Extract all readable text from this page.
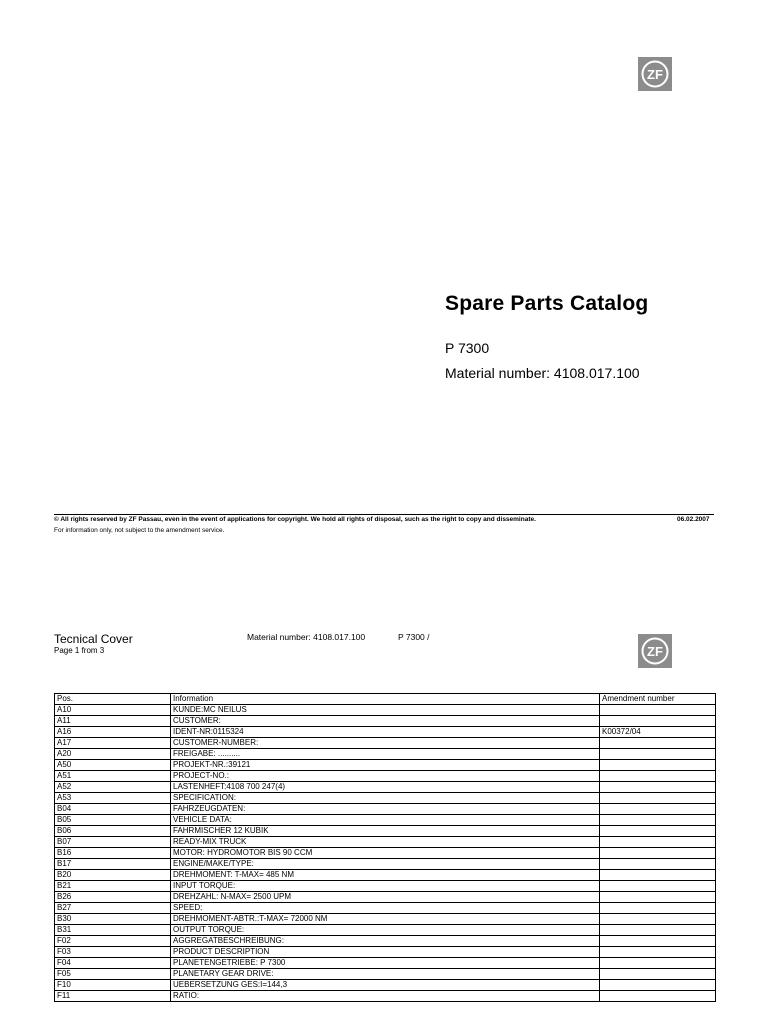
ZF
Spare Parts Catalog
P 7300
Material number: 4108.017.100
© All rights reserved by ZF Passau, even in the event of applications for copyright. We hold all rights of disposal, such as the right to copy and disseminate.
For information only, not subject to the amendment service.
06.02.2007
Tecnical Cover
Page 1 from 3
Material number: 4108.017.100	P 7300 /
ZF
Pos.	Information	Amendment number
A10	KUNDE:MC NEILUS	
A11	CUSTOMER:	
A16	IDENT-NR:0115324	K00372/04
A17	CUSTOMER-NUMBER:	
A20	FREIGABE: ..........	
A50	PROJEKT-NR.:39121	
A51	PROJECT-NO.:	
A52	LASTENHEFT:4108 700 247(4)	
A53	SPECIFICATION:	
B04	FAHRZEUGDATEN:	
B05	VEHICLE DATA:	
B06	FAHRMISCHER 12 KUBIK	
B07	READY-MIX TRUCK	
B16	MOTOR: HYDROMOTOR BIS 90 CCM	
B17	ENGINE/MAKE/TYPE:	
B20	DREHMOMENT: T-MAX= 485 NM	
B21	INPUT TORQUE:	
B26	DREHZAHL: N-MAX= 2500 UPM	
B27	SPEED:	
B30	DREHMOMENT-ABTR.:T-MAX= 72000 NM	
B31	OUTPUT TORQUE:	
F02	AGGREGATBESCHREIBUNG:	
F03	PRODUCT DESCRIPTION	
F04	PLANETENGETRIEBE: P 7300	
F05	PLANETARY GEAR DRIVE:	
F10	UEBERSETZUNG GES:I=144,3	
F11	RATIO:	
